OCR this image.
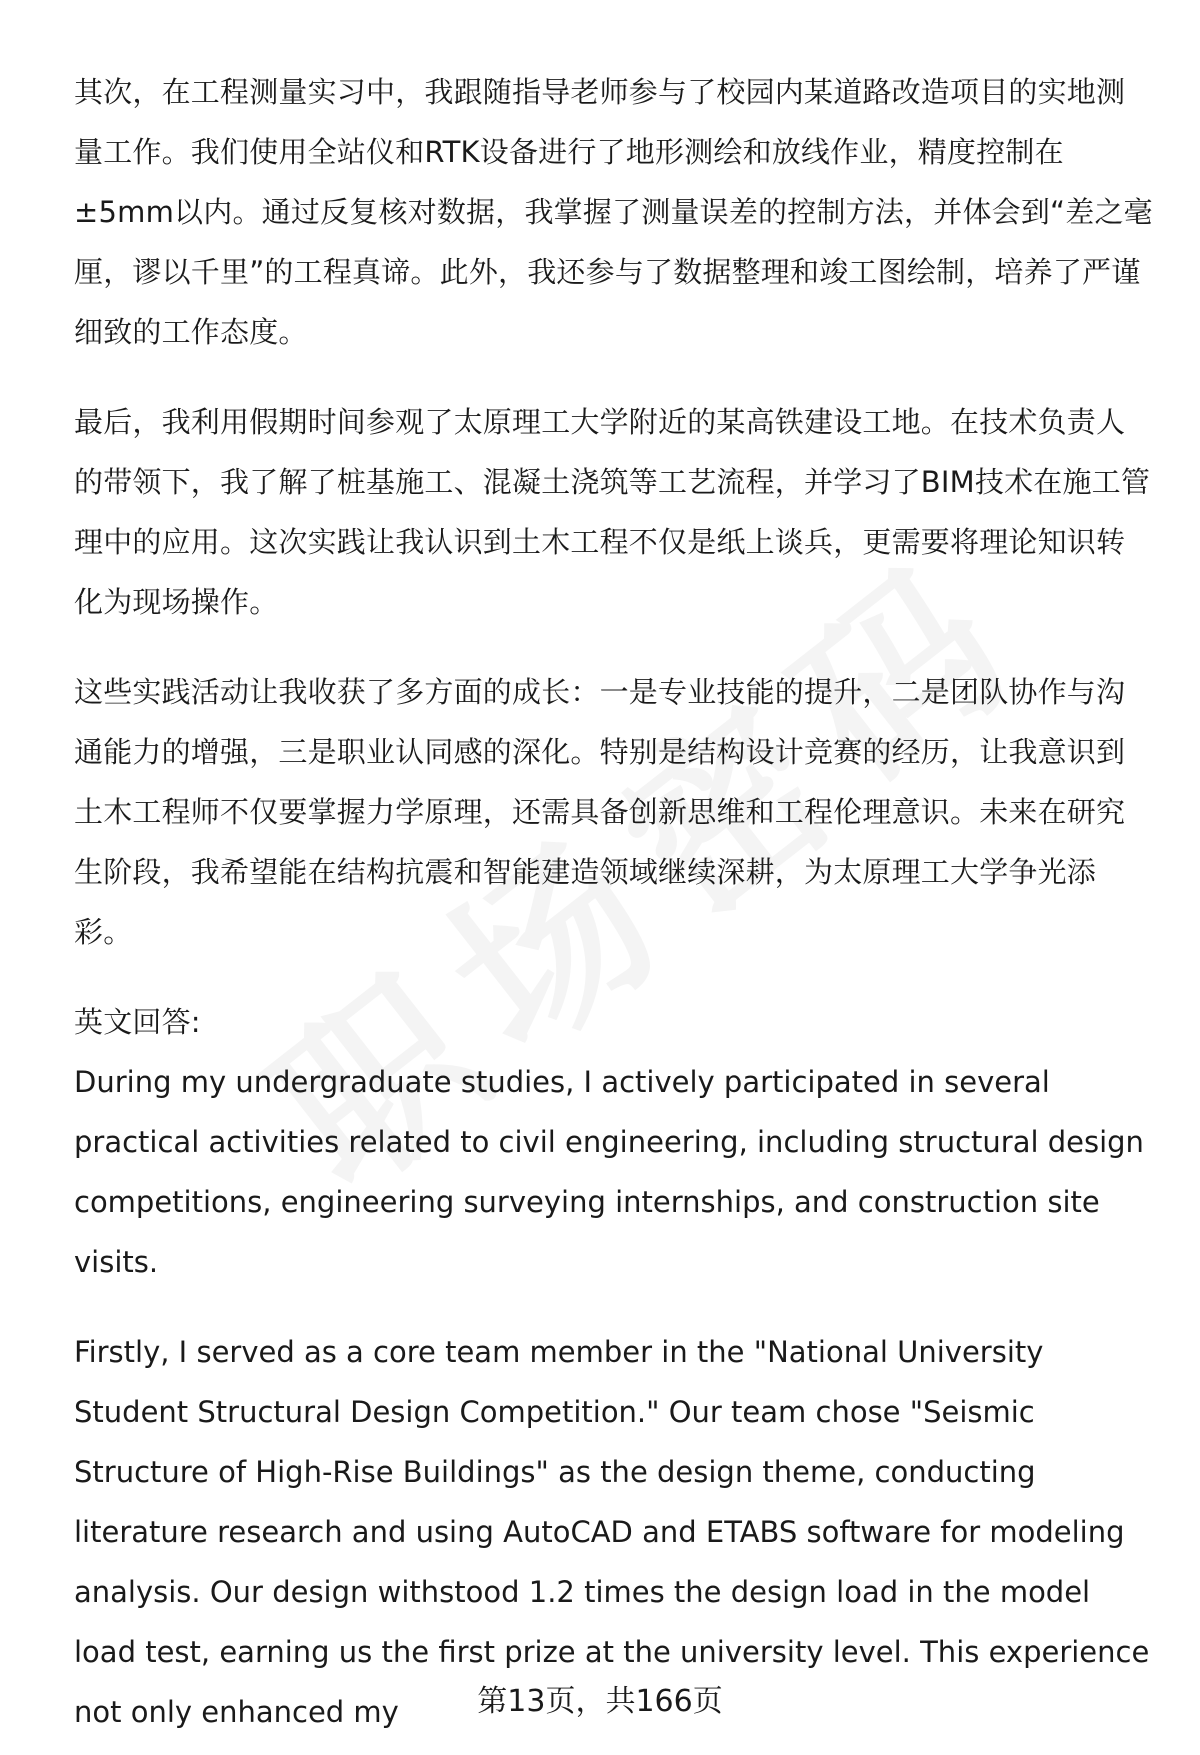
其次，在工程测量实习中，我跟随指导老师参与了校园内某道路改造项目的实地测量工作。我们使用全站仪和RTK设备进行了地形测绘和放线作业，精度控制在±5mm以内。通过反复核对数据，我掌握了测量误差的控制方法，并体会到“差之毫厘，谬以千里”的工程真谛。此外，我还参与了数据整理和竣工图绘制，培养了严谨细致的工作态度。

最后，我利用假期时间参观了太原理工大学附近的某高铁建设工地。在技术负责人的带领下，我了解了桩基施工、混凝土浇筑等工艺流程，并学习了BIM技术在施工管理中的应用。这次实践让我认识到土木工程不仅是纸上谈兵，更需要将理论知识转化为现场操作。

这些实践活动让我收获了多方面的成长：一是专业技能的提升，二是团队协作与沟通能力的增强，三是职业认同感的深化。特别是结构设计竞赛的经历，让我意识到土木工程师不仅要掌握力学原理，还需具备创新思维和工程伦理意识。未来在研究生阶段，我希望能在结构抗震和智能建造领域继续深耕，为太原理工大学争光添彩。

英文回答:

During my undergraduate studies, I actively participated in several practical activities related to civil engineering, including structural design competitions, engineering surveying internships, and construction site visits.

Firstly, I served as a core team member in the "National University Student Structural Design Competition." Our team chose "Seismic Structure of High-Rise Buildings" as the design theme, conducting literature research and using AutoCAD and ETABS software for modeling analysis. Our design withstood 1.2 times the design load in the model load test, earning us the first prize at the university level. This experience not only enhanced my	第13页，共166页
